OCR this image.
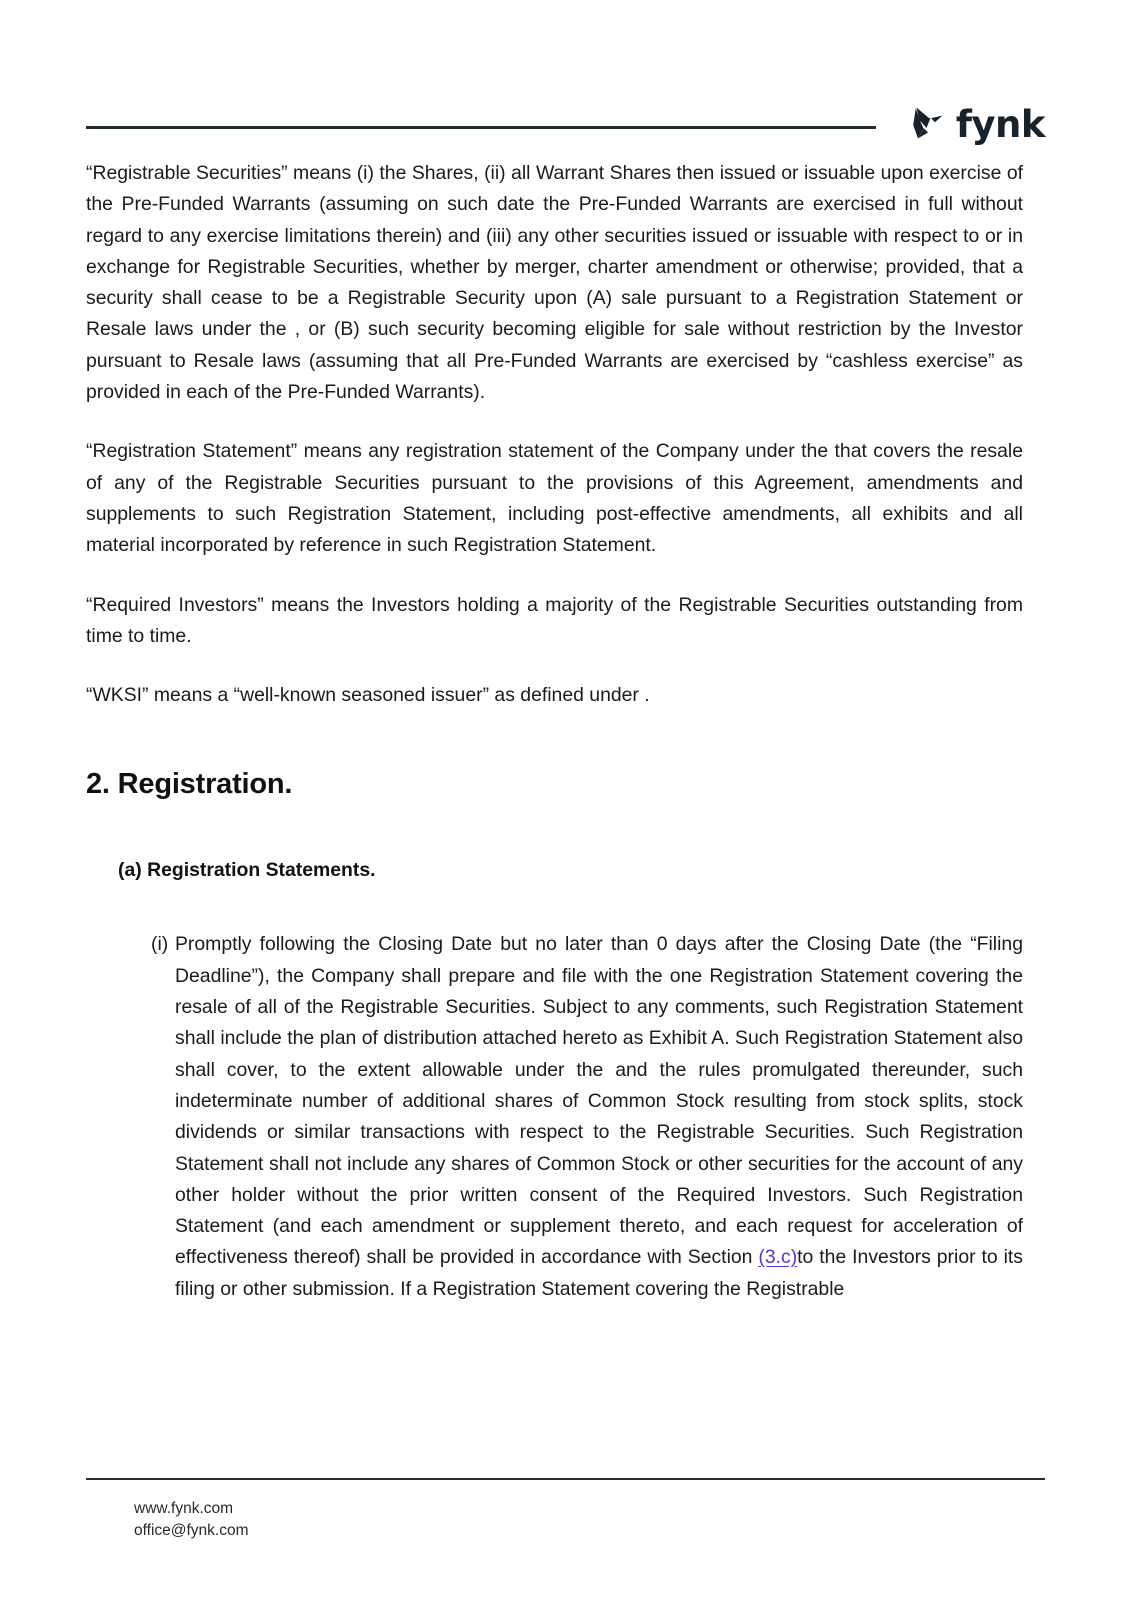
fynk

“Registrable Securities” means (i) the Shares, (ii) all Warrant Shares then issued or issuable upon exercise of the Pre-Funded Warrants (assuming on such date the Pre-Funded Warrants are exercised in full without regard to any exercise limitations therein) and (iii) any other securities issued or issuable with respect to or in exchange for Registrable Securities, whether by merger, charter amendment or otherwise; provided, that a security shall cease to be a Registrable Security upon (A) sale pursuant to a Registration Statement or Resale laws under the , or (B) such security becoming eligible for sale without restriction by the Investor pursuant to Resale laws (assuming that all Pre-Funded Warrants are exercised by “cashless exercise” as provided in each of the Pre-Funded Warrants).

“Registration Statement” means any registration statement of the Company under the that covers the resale of any of the Registrable Securities pursuant to the provisions of this Agreement, amendments and supplements to such Registration Statement, including post-effective amendments, all exhibits and all material incorporated by reference in such Registration Statement.

“Required Investors” means the Investors holding a majority of the Registrable Securities outstanding from time to time.

“WKSI” means a “well-known seasoned issuer” as defined under .

2. Registration.
(a) Registration Statements.
(i) Promptly following the Closing Date but no later than 0 days after the Closing Date (the “Filing Deadline”), the Company shall prepare and file with the one Registration Statement covering the resale of all of the Registrable Securities. Subject to any comments, such Registration Statement shall include the plan of distribution attached hereto as Exhibit A. Such Registration Statement also shall cover, to the extent allowable under the and the rules promulgated thereunder, such indeterminate number of additional shares of Common Stock resulting from stock splits, stock dividends or similar transactions with respect to the Registrable Securities. Such Registration Statement shall not include any shares of Common Stock or other securities for the account of any other holder without the prior written consent of the Required Investors. Such Registration Statement (and each amendment or supplement thereto, and each request for acceleration of effectiveness thereof) shall be provided in accordance with Section (3.c)to the Investors prior to its filing or other submission. If a Registration Statement covering the Registrable
www.fynk.com
office@fynk.com
